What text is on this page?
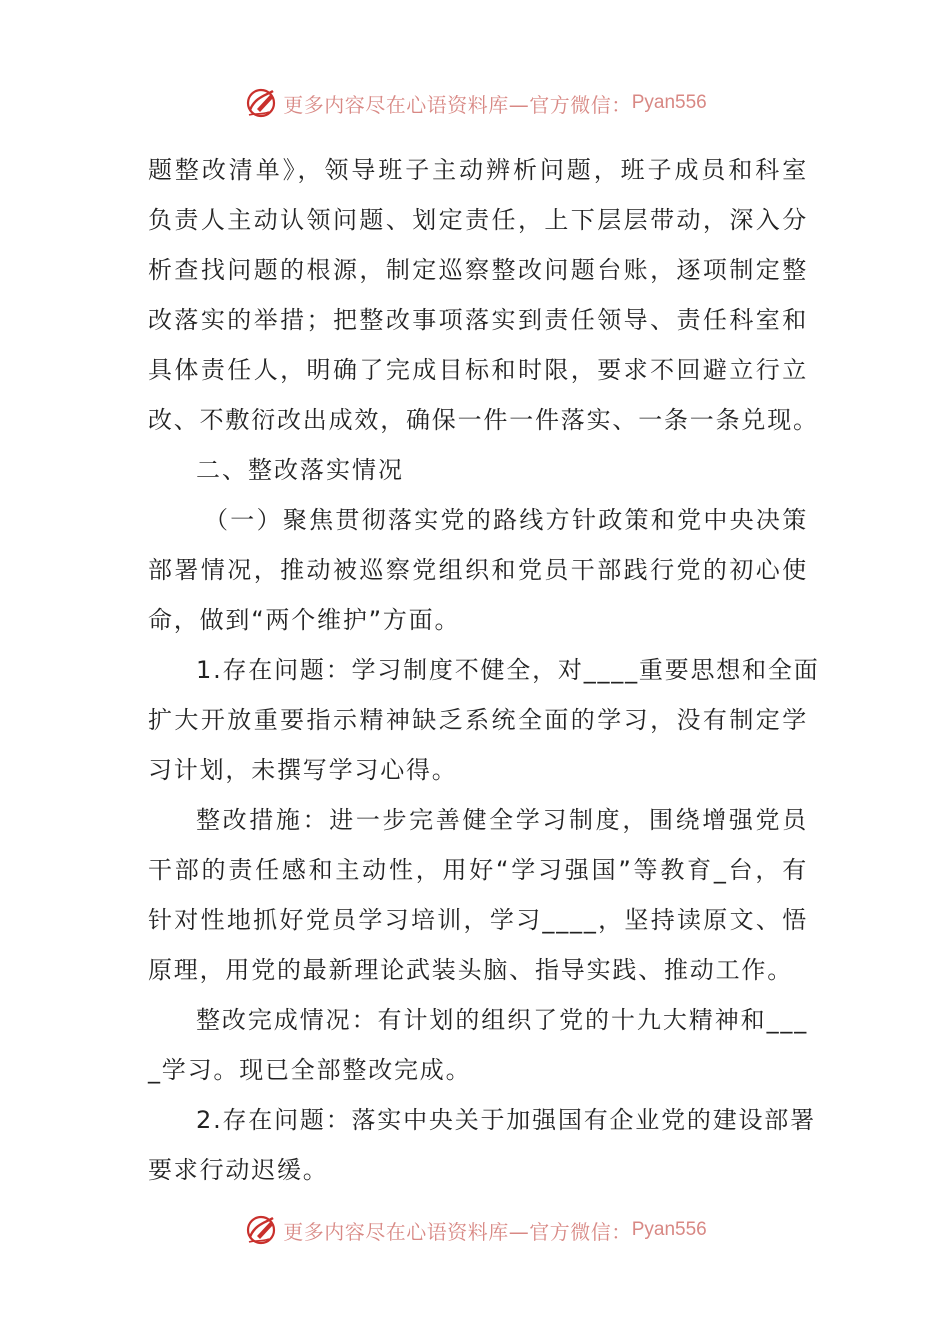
更多内容尽在心语资料库—官方微信： Pyan556
题整改清单》，领导班子主动辨析问题，班子成员和科室
负责人主动认领问题、划定责任，上下层层带动，深入分
析查找问题的根源，制定巡察整改问题台账，逐项制定整
改落实的举措；把整改事项落实到责任领导、责任科室和
具体责任人，明确了完成目标和时限，要求不回避立行立
改、不敷衍改出成效，确保一件一件落实、一条一条兑现。
二、整改落实情况
（一）聚焦贯彻落实党的路线方针政策和党中央决策
部署情况，推动被巡察党组织和党员干部践行党的初心使
命，做到“两个维护”方面。
1.存在问题：学习制度不健全，对____重要思想和全面
扩大开放重要指示精神缺乏系统全面的学习，没有制定学
习计划，未撰写学习心得。
整改措施：进一步完善健全学习制度，围绕增强党员
干部的责任感和主动性，用好“学习强国”等教育_台，有
针对性地抓好党员学习培训，学习____，坚持读原文、悟
原理，用党的最新理论武装头脑、指导实践、推动工作。
整改完成情况：有计划的组织了党的十九大精神和___
_学习。现已全部整改完成。
2.存在问题：落实中央关于加强国有企业党的建设部署
要求行动迟缓。
更多内容尽在心语资料库—官方微信： Pyan556
